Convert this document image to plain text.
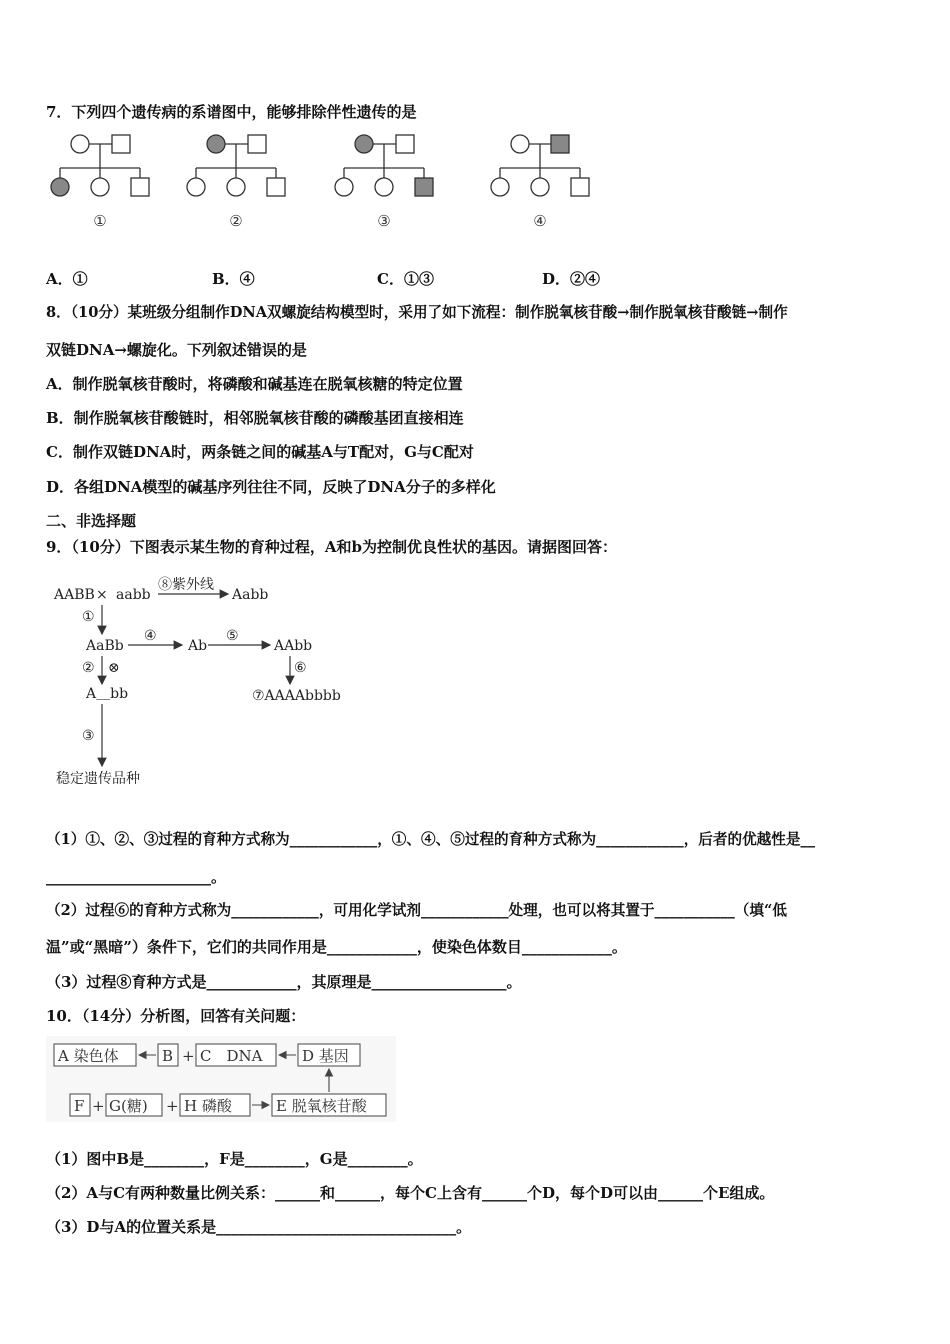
7．下列四个遗传病的系谱图中，能够排除伴性遗传的是
①	②	③	④
A．①	B．④	C．①③	D．②④
8．（10分）某班级分组制作DNA双螺旋结构模型时，采用了如下流程：制作脱氧核苷酸→制作脱氧核苷酸链→制作
双链DNA→螺旋化。下列叙述错误的是
A．制作脱氧核苷酸时，将磷酸和碱基连在脱氧核糖的特定位置
B．制作脱氧核苷酸链时，相邻脱氧核苷酸的磷酸基团直接相连
C．制作双链DNA时，两条链之间的碱基A与T配对，G与C配对
D．各组DNA模型的碱基序列往往不同，反映了DNA分子的多样化
二、非选择题
9．（10分）下图表示某生物的育种过程，A和b为控制优良性状的基因。请据图回答：
AABB × aabb
⑧紫外线
Aabb
①
AaBb
④
Ab
⑤
AAbb
② ⊗
A＿bb
⑥
⑦AAAAbbbb
③
稳定遗传品种
（1）①、②、③过程的育种方式称为____________，①、④、⑤过程的育种方式称为____________，后者的优越性是__
______________________。
（2）过程⑥的育种方式称为____________，可用化学试剂____________处理，也可以将其置于___________（填“低
温”或“黑暗”）条件下，它们的共同作用是____________，使染色体数目____________。
（3）过程⑧育种方式是____________，其原理是__________________。
10．（14分）分析图，回答有关问题：
A 染色体	B + C　DNA	D 基因
F + G(糖) + H 磷酸	E 脱氧核苷酸
（1）图中B是________，F是________，G是________。
（2）A与C有两种数量比例关系：______和______，每个C上含有______个D，每个D可以由______个E组成。
（3）D与A的位置关系是________________________________。
